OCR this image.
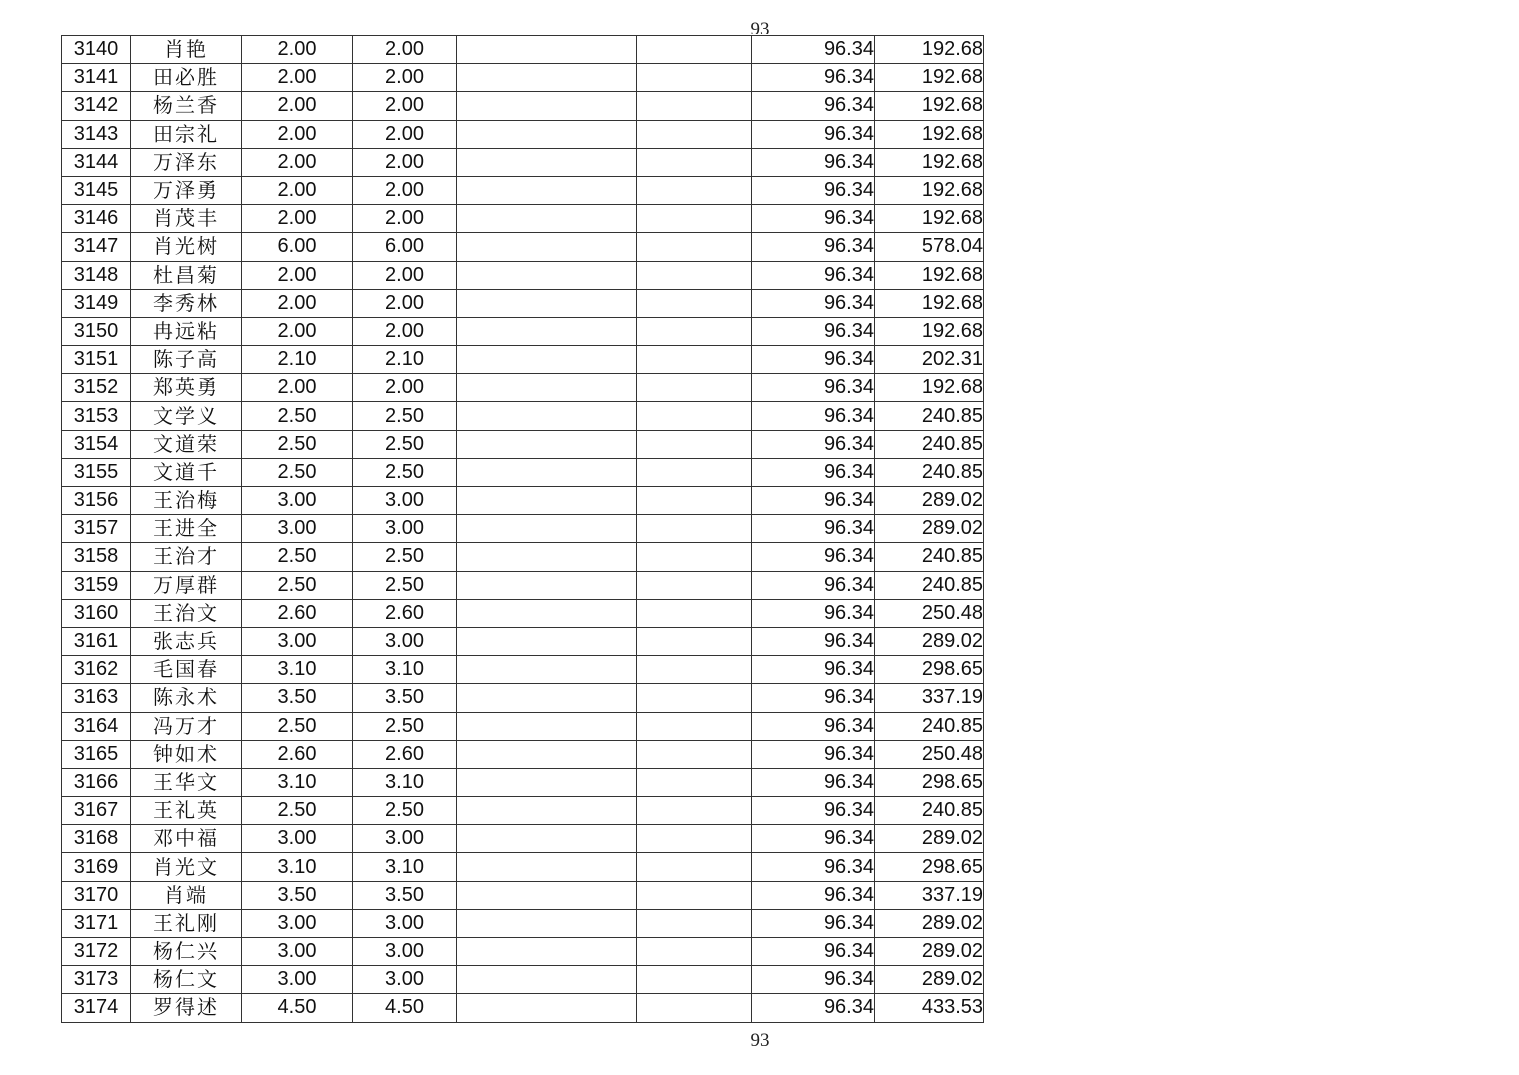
93
3140	肖艳	2.00	2.00			96.34	192.68
3141	田必胜	2.00	2.00			96.34	192.68
3142	杨兰香	2.00	2.00			96.34	192.68
3143	田宗礼	2.00	2.00			96.34	192.68
3144	万泽东	2.00	2.00			96.34	192.68
3145	万泽勇	2.00	2.00			96.34	192.68
3146	肖茂丰	2.00	2.00			96.34	192.68
3147	肖光树	6.00	6.00			96.34	578.04
3148	杜昌菊	2.00	2.00			96.34	192.68
3149	李秀林	2.00	2.00			96.34	192.68
3150	冉远粘	2.00	2.00			96.34	192.68
3151	陈子高	2.10	2.10			96.34	202.31
3152	郑英勇	2.00	2.00			96.34	192.68
3153	文学义	2.50	2.50			96.34	240.85
3154	文道荣	2.50	2.50			96.34	240.85
3155	文道千	2.50	2.50			96.34	240.85
3156	王治梅	3.00	3.00			96.34	289.02
3157	王进全	3.00	3.00			96.34	289.02
3158	王治才	2.50	2.50			96.34	240.85
3159	万厚群	2.50	2.50			96.34	240.85
3160	王治文	2.60	2.60			96.34	250.48
3161	张志兵	3.00	3.00			96.34	289.02
3162	毛国春	3.10	3.10			96.34	298.65
3163	陈永术	3.50	3.50			96.34	337.19
3164	冯万才	2.50	2.50			96.34	240.85
3165	钟如术	2.60	2.60			96.34	250.48
3166	王华文	3.10	3.10			96.34	298.65
3167	王礼英	2.50	2.50			96.34	240.85
3168	邓中福	3.00	3.00			96.34	289.02
3169	肖光文	3.10	3.10			96.34	298.65
3170	肖端	3.50	3.50			96.34	337.19
3171	王礼刚	3.00	3.00			96.34	289.02
3172	杨仁兴	3.00	3.00			96.34	289.02
3173	杨仁文	3.00	3.00			96.34	289.02
3174	罗得述	4.50	4.50			96.34	433.53
93
